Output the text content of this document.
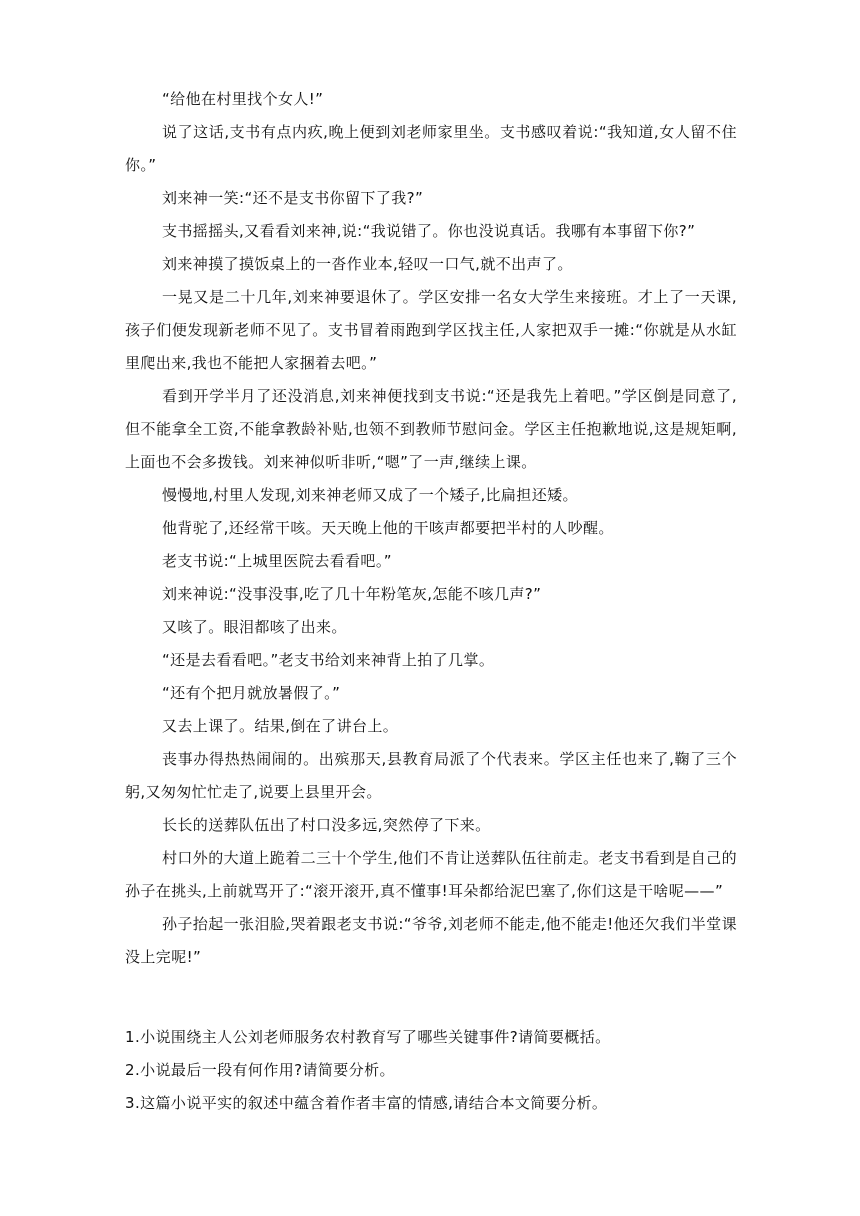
“给他在村里找个女人!”

说了这话,支书有点内疚,晚上便到刘老师家里坐。支书感叹着说:“我知道,女人留不住你。”

刘来神一笑:“还不是支书你留下了我?”

支书摇摇头,又看看刘来神,说:“我说错了。你也没说真话。我哪有本事留下你?”

刘来神摸了摸饭桌上的一沓作业本,轻叹一口气,就不出声了。

一晃又是二十几年,刘来神要退休了。学区安排一名女大学生来接班。才上了一天课,孩子们便发现新老师不见了。支书冒着雨跑到学区找主任,人家把双手一摊:“你就是从水缸里爬出来,我也不能把人家捆着去吧。”

看到开学半月了还没消息,刘来神便找到支书说:“还是我先上着吧。”学区倒是同意了,但不能拿全工资,不能拿教龄补贴,也领不到教师节慰问金。学区主任抱歉地说,这是规矩啊,上面也不会多拨钱。刘来神似听非听,“嗯”了一声,继续上课。

慢慢地,村里人发现,刘来神老师又成了一个矮子,比扁担还矮。

他背驼了,还经常干咳。天天晚上他的干咳声都要把半村的人吵醒。

老支书说:“上城里医院去看看吧。”

刘来神说:“没事没事,吃了几十年粉笔灰,怎能不咳几声?”

又咳了。眼泪都咳了出来。

“还是去看看吧。”老支书给刘来神背上拍了几掌。

“还有个把月就放暑假了。”

又去上课了。结果,倒在了讲台上。

丧事办得热热闹闹的。出殡那天,县教育局派了个代表来。学区主任也来了,鞠了三个躬,又匆匆忙忙走了,说要上县里开会。

长长的送葬队伍出了村口没多远,突然停了下来。

村口外的大道上跪着二三十个学生,他们不肯让送葬队伍往前走。老支书看到是自己的孙子在挑头,上前就骂开了:“滚开滚开,真不懂事!耳朵都给泥巴塞了,你们这是干啥呢——”

孙子抬起一张泪脸,哭着跟老支书说:“爷爷,刘老师不能走,他不能走!他还欠我们半堂课没上完呢!”

1.小说围绕主人公刘老师服务农村教育写了哪些关键事件?请简要概括。

2.小说最后一段有何作用?请简要分析。

3.这篇小说平实的叙述中蕴含着作者丰富的情感,请结合本文简要分析。
